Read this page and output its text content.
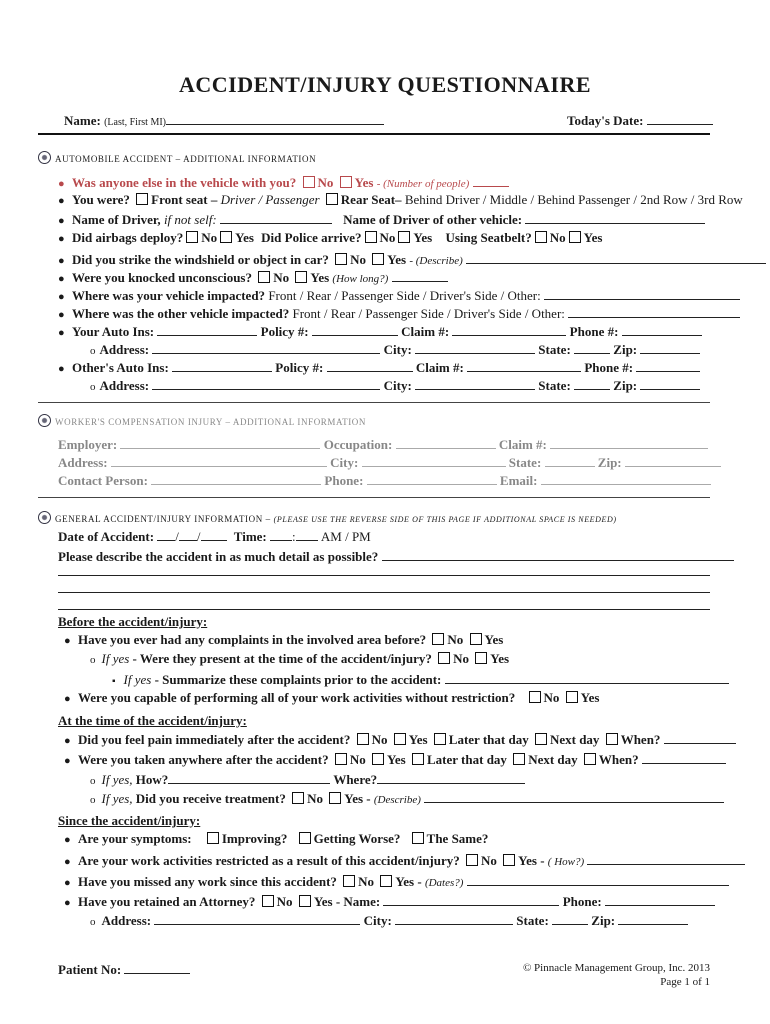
ACCIDENT/INJURY QUESTIONNAIRE
Name: (Last, First MI)	Today's Date:
AUTOMOBILE ACCIDENT – ADDITIONAL INFORMATION
● Was anyone else in the vehicle with you? No Yes - (Number of people)
● You were? Front seat – Driver / Passenger Rear Seat– Behind Driver / Middle / Behind Passenger / 2nd Row / 3rd Row
● Name of Driver, if not self:	Name of Driver of other vehicle:
● Did airbags deploy? No Yes Did Police arrive? No Yes Using Seatbelt? No Yes
● Did you strike the windshield or object in car? No Yes - (Describe)
● Were you knocked unconscious? No Yes (How long?)
● Where was your vehicle impacted? Front / Rear / Passenger Side / Driver's Side / Other:
● Where was the other vehicle impacted? Front / Rear / Passenger Side / Driver's Side / Other:
● Your Auto Ins:	Policy #:	Claim #:	Phone #:
o Address:	City:	State:	Zip:
● Other's Auto Ins:	Policy #:	Claim #:	Phone #:
o Address:	City:	State:	Zip:
WORKER'S COMPENSATION INJURY – ADDITIONAL INFORMATION
Employer:	Occupation:	Claim #:
Address:	City:	State:	Zip:
Contact Person:	Phone:	Email:
GENERAL ACCIDENT/INJURY INFORMATION – (PLEASE USE THE REVERSE SIDE OF THIS PAGE IF ADDITIONAL SPACE IS NEEDED)
Date of Accident: / /	Time: : AM / PM
Please describe the accident in as much detail as possible?
Before the accident/injury:
● Have you ever had any complaints in the involved area before? No Yes
o If yes - Were they present at the time of the accident/injury? No Yes
▪ If yes - Summarize these complaints prior to the accident:
● Were you capable of performing all of your work activities without restriction? No Yes
At the time of the accident/injury:
● Did you feel pain immediately after the accident? No Yes Later that day Next day When?
● Were you taken anywhere after the accident? No Yes Later that day Next day When?
o If yes, How?	Where?
o If yes, Did you receive treatment? No Yes - (Describe)
Since the accident/injury:
● Are your symptoms: Improving? Getting Worse? The Same?
● Are your work activities restricted as a result of this accident/injury? No Yes - ( How?)
● Have you missed any work since this accident? No Yes - (Dates?)
● Have you retained an Attorney? No Yes - Name:	Phone:
o Address:	City:	State:	Zip:
Patient No:	© Pinnacle Management Group, Inc. 2013
Page 1 of 1
